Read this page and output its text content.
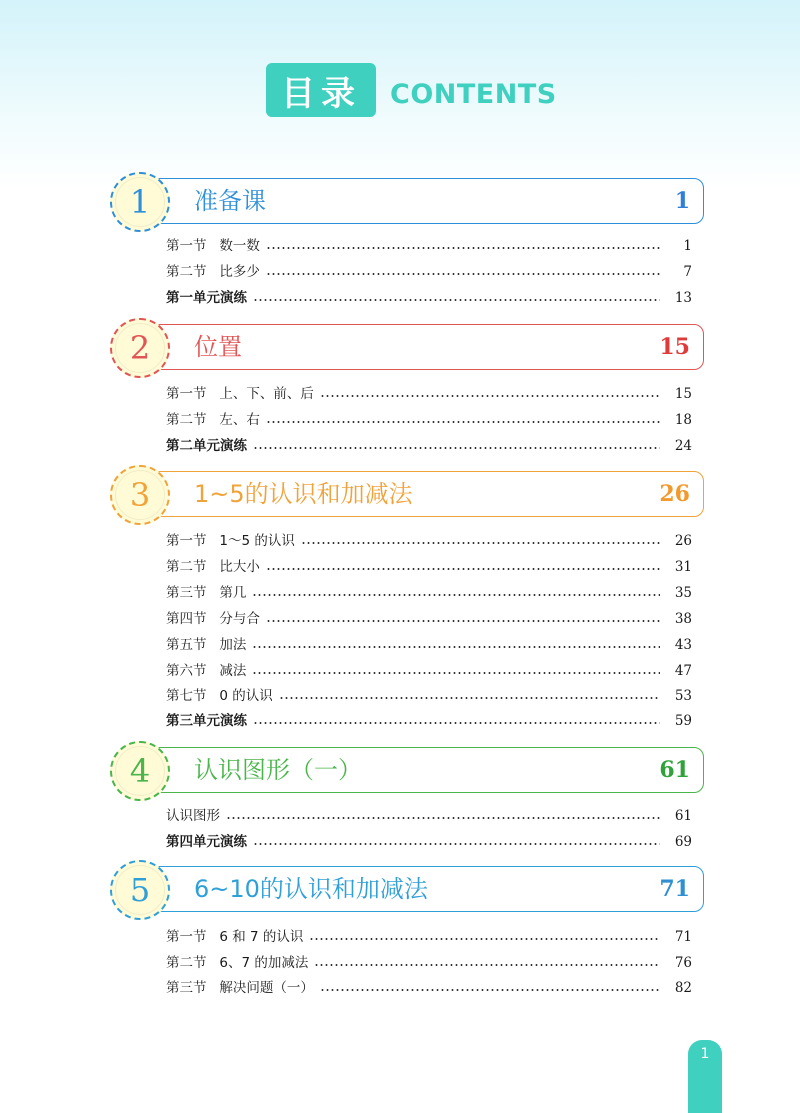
目录	CONTENTS
1 准备课	1
第一节   数一数	1
第二节   比多少	7
第一单元演练	13
2 位置	15
第一节   上、下、前、后	15
第二节   左、右	18
第二单元演练	24
3 1~5的认识和加减法	26
第一节   1～5 的认识	26
第二节   比大小	31
第三节   第几	35
第四节   分与合	38
第五节   加法	43
第六节   减法	47
第七节   0 的认识	53
第三单元演练	59
4 认识图形（一）	61
认识图形	61
第四单元演练	69
5 6~10的认识和加减法	71
第一节   6 和 7 的认识	71
第二节   6、7 的加减法	76
第三节   解决问题（一）	82
1
